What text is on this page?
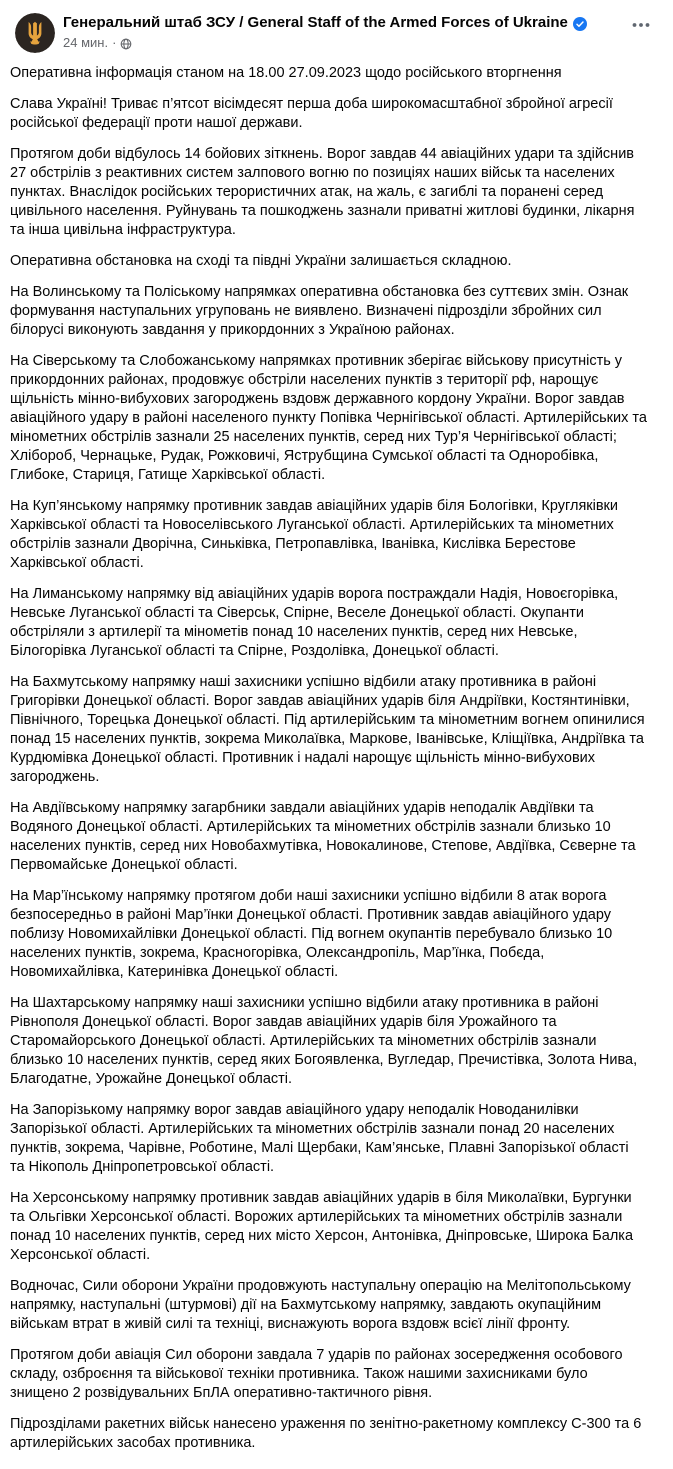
Генеральний штаб ЗСУ / General Staff of the Armed Forces of Ukraine
24 мин. ·

Оперативна інформація станом на 18.00 27.09.2023 щодо російського вторгнення

Слава Україні! Триває п’ятсот вісімдесят перша доба широкомасштабної збройної агресії російської федерації проти нашої держави.

Протягом доби відбулось 14 бойових зіткнень. Ворог завдав 44 авіаційних удари та здійснив 27 обстрілів з реактивних систем залпового вогню по позиціях наших військ та населених пунктах. Внаслідок російських терористичних атак, на жаль, є загиблі та поранені серед цивільного населення. Руйнувань та пошкоджень зазнали приватні житлові будинки, лікарня та інша цивільна інфраструктура.

Оперативна обстановка на сході та півдні України залишається складною.

На Волинському та Поліському напрямках оперативна обстановка без суттєвих змін. Ознак формування наступальних угруповань не виявлено. Визначені підрозділи збройних сил білорусі виконують завдання у прикордонних з Україною районах.

На Сіверському та Слобожанському напрямках противник зберігає військову присутність у прикордонних районах, продовжує обстріли населених пунктів з території рф, нарощує щільність мінно-вибухових загороджень вздовж державного кордону України. Ворог завдав авіаційного удару в районі населеного пункту Попівка Чернігівської області. Артилерійських та мінометних обстрілів зазнали 25 населених пунктів, серед них Тур’я Чернігівської області; Хлібороб, Чернацьке, Рудак, Рожковичі, Яструбщина Сумської області та Одноробівка, Глибоке, Стариця, Гатище Харківської області.

На Куп’янському напрямку противник завдав авіаційних ударів біля Бологівки, Кругляківки Харківської області та Новоселівського Луганської області. Артилерійських та мінометних обстрілів зазнали Дворічна, Синьківка, Петропавлівка, Іванівка, Кислівка Берестове Харківської області.

На Лиманському напрямку від авіаційних ударів ворога постраждали Надія, Новоєгорівка, Невське Луганської області та Сіверськ, Спірне, Веселе Донецької області. Окупанти обстріляли з артилерії та мінометів понад 10 населених пунктів, серед них Невське, Білогорівка Луганської області та Спірне, Роздолівка, Донецької області.

На Бахмутському напрямку наші захисники успішно відбили атаку противника в районі Григорівки Донецької області. Ворог завдав авіаційних ударів біля Андріївки, Костянтинівки, Північного, Торецька Донецької області. Під артилерійським та мінометним вогнем опинилися понад 15 населених пунктів, зокрема Миколаївка, Маркове, Іванівське, Кліщіївка, Андріївка та Курдюмівка Донецької області. Противник і надалі нарощує щільність мінно-вибухових загороджень.

На Авдіївському напрямку загарбники завдали авіаційних ударів неподалік Авдіївки та Водяного Донецької області. Артилерійських та мінометних обстрілів зазнали близько 10 населених пунктів, серед них Новобахмутівка, Новокалинове, Степове, Авдіївка, Сєверне та Первомайське Донецької області.

На Мар’їнському напрямку протягом доби наші захисники успішно відбили 8 атак ворога безпосередньо в районі Мар’їнки Донецької області. Противник завдав авіаційного удару поблизу Новомихайлівки Донецької області. Під вогнем окупантів перебувало близько 10 населених пунктів, зокрема, Красногорівка, Олександропіль, Мар’їнка, Побєда, Новомихайлівка, Катеринівка Донецької області.

На Шахтарському напрямку наші захисники успішно відбили атаку противника в районі Рівнополя Донецької області. Ворог завдав авіаційних ударів біля Урожайного та Старомайорського Донецької області. Артилерійських та мінометних обстрілів зазнали близько 10 населених пунктів, серед яких Богоявленка, Вугледар, Пречистівка, Золота Нива, Благодатне, Урожайне Донецької області.

На Запорізькому напрямку ворог завдав авіаційного удару неподалік Новоданилівки Запорізької області. Артилерійських та мінометних обстрілів зазнали понад 20 населених пунктів, зокрема, Чарівне, Роботине, Малі Щербаки, Кам’янське, Плавні Запорізької області та Нікополь Дніпропетровської області.

На Херсонському напрямку противник завдав авіаційних ударів в біля Миколаївки, Бургунки та Ольгівки Херсонської області. Ворожих артилерійських та мінометних обстрілів зазнали понад 10 населених пунктів, серед них місто Херсон, Антонівка, Дніпровське, Широка Балка Херсонської області.

Водночас, Сили оборони України продовжують наступальну операцію на Мелітопольському напрямку, наступальні (штурмові) дії на Бахмутському напрямку, завдають окупаційним військам втрат в живій силі та техніці, виснажують ворога вздовж всієї лінії фронту.

Протягом доби авіація Сил оборони завдала 7 ударів по районах зосередження особового складу, озброєння та військової техніки противника. Також нашими захисниками було знищено 2 розвідувальних БпЛА оперативно-тактичного рівня.

Підрозділами ракетних військ нанесено ураження по зенітно-ракетному комплексу С-300 та 6 артилерійських засобах противника.
